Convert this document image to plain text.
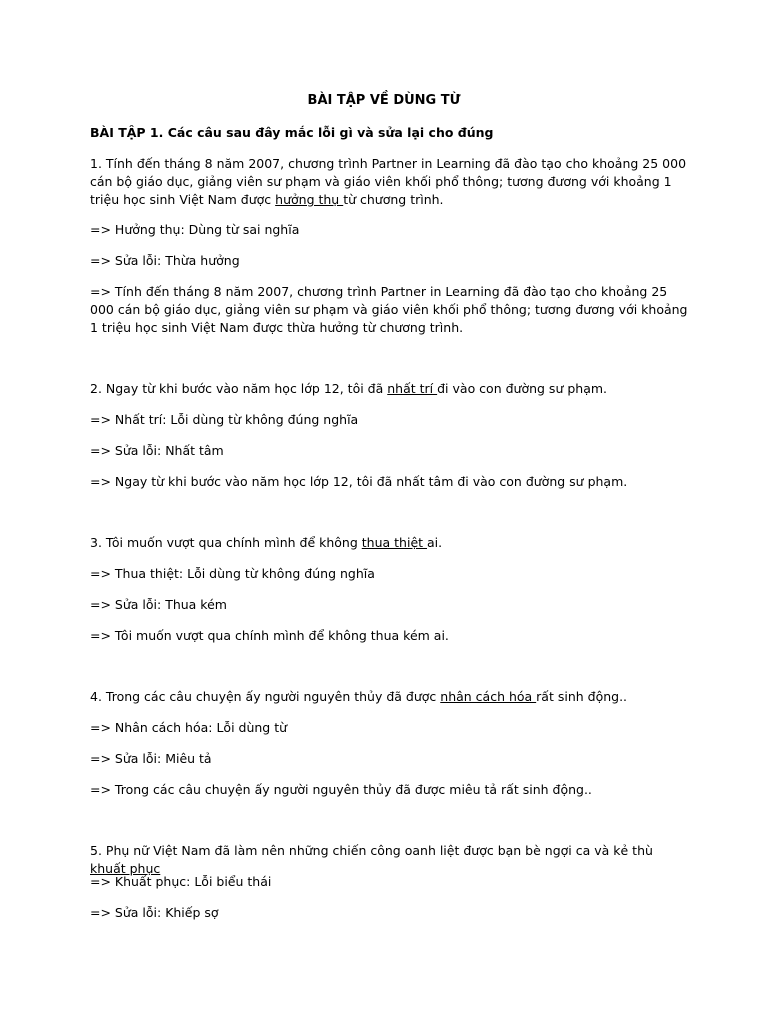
BÀI TẬP VỀ DÙNG TỪ
BÀI TẬP 1. Các câu sau đây mắc lỗi gì và sửa lại cho đúng

1. Tính đến tháng 8 năm 2007, chương trình Partner in Learning đã đào tạo cho khoảng 25 000 cán bộ giáo dục, giảng viên sư phạm và giáo viên khối phổ thông; tương đương với khoảng 1 triệu học sinh Việt Nam được hưởng thụ từ chương trình.

=> Hưởng thụ: Dùng từ sai nghĩa

=> Sửa lỗi: Thừa hưởng

=> Tính đến tháng 8 năm 2007, chương trình Partner in Learning đã đào tạo cho khoảng 25 000 cán bộ giáo dục, giảng viên sư phạm và giáo viên khối phổ thông; tương đương với khoảng 1 triệu học sinh Việt Nam được thừa hưởng từ chương trình.

2. Ngay từ khi bước vào năm học lớp 12, tôi đã nhất trí đi vào con đường sư phạm.

=> Nhất trí: Lỗi dùng từ không đúng nghĩa

=> Sửa lỗi: Nhất tâm

=> Ngay từ khi bước vào năm học lớp 12, tôi đã nhất tâm đi vào con đường sư phạm.

3. Tôi muốn vượt qua chính mình để không thua thiệt ai.

=> Thua thiệt: Lỗi dùng từ không đúng nghĩa

=> Sửa lỗi: Thua kém

=> Tôi muốn vượt qua chính mình để không thua kém ai.

4. Trong các câu chuyện ấy người nguyên thủy đã được nhân cách hóa rất sinh động..

=> Nhân cách hóa: Lỗi dùng từ

=> Sửa lỗi: Miêu tả

=> Trong các câu chuyện ấy người nguyên thủy đã được miêu tả rất sinh động..

5. Phụ nữ Việt Nam đã làm nên những chiến công oanh liệt được bạn bè ngợi ca và kẻ thù khuất phục

=> Khuất phục: Lỗi biểu thái

=> Sửa lỗi: Khiếp sợ
